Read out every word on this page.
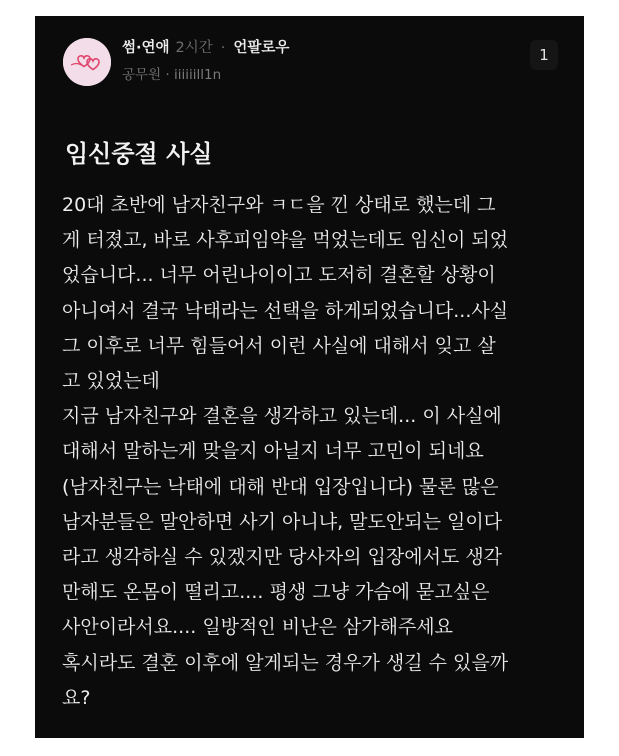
썸·연애 2시간 · 언팔로우
공무원 · iiiiiill1n
1
임신중절 사실
20대 초반에 남자친구와 ㅋㄷ을 낀 상태로 했는데 그
게 터졌고, 바로 사후피임약을 먹었는데도 임신이 되었
었습니다... 너무 어린나이이고 도저히 결혼할 상황이
아니여서 결국 낙태라는 선택을 하게되었습니다...사실
그 이후로 너무 힘들어서 이런 사실에 대해서 잊고 살
고 있었는데
지금 남자친구와 결혼을 생각하고 있는데... 이 사실에
대해서 말하는게 맞을지 아닐지 너무 고민이 되네요
(남자친구는 낙태에 대해 반대 입장입니다) 물론 많은
남자분들은 말안하면 사기 아니냐, 말도안되는 일이다
라고 생각하실 수 있겠지만 당사자의 입장에서도 생각
만해도 온몸이 떨리고.... 평생 그냥 가슴에 묻고싶은
사안이라서요.... 일방적인 비난은 삼가해주세요
혹시라도 결혼 이후에 알게되는 경우가 생길 수 있을까
요?
